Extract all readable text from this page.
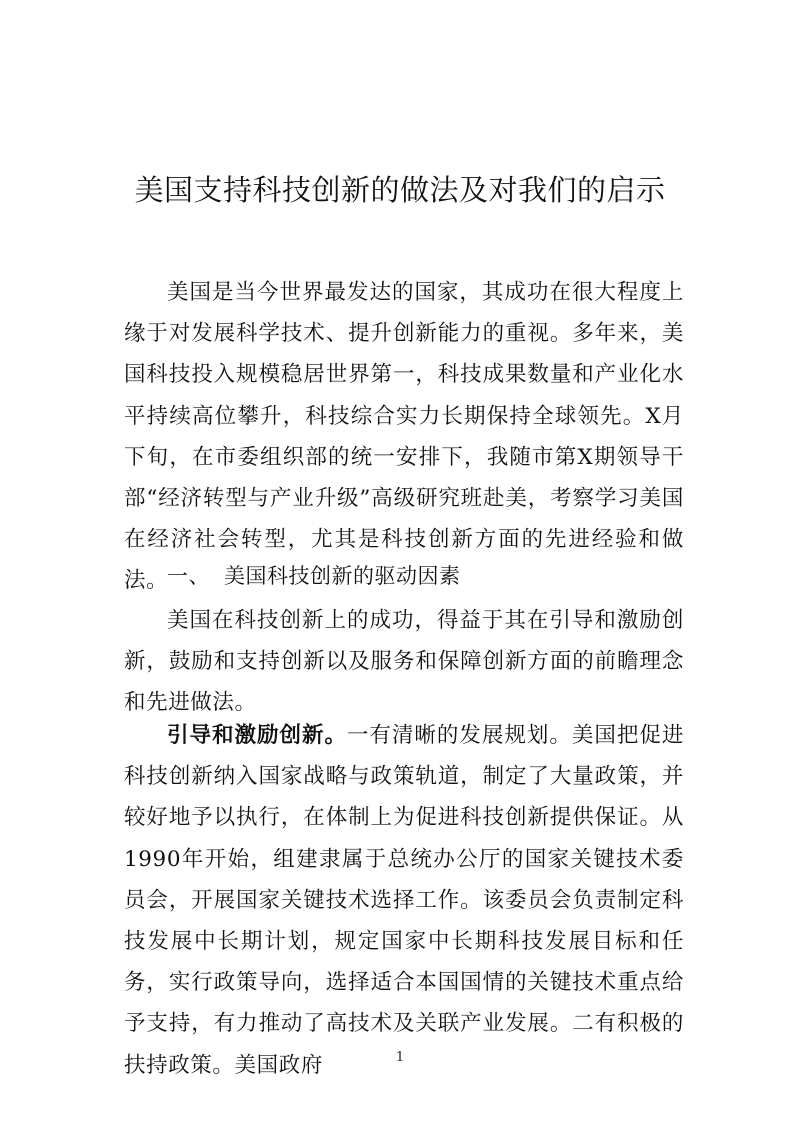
美国支持科技创新的做法及对我们的启示

美国是当今世界最发达的国家，其成功在很大程度上缘于对发展科学技术、提升创新能力的重视。多年来，美国科技投入规模稳居世界第一，科技成果数量和产业化水平持续高位攀升，科技综合实力长期保持全球领先。X月下旬，在市委组织部的统一安排下，我随市第X期领导干部“经济转型与产业升级”高级研究班赴美，考察学习美国在经济社会转型，尤其是科技创新方面的先进经验和做法。

一、 美国科技创新的驱动因素

美国在科技创新上的成功，得益于其在引导和激励创新，鼓励和支持创新以及服务和保障创新方面的前瞻理念和先进做法。

引导和激励创新。一有清晰的发展规划。美国把促进科技创新纳入国家战略与政策轨道，制定了大量政策，并较好地予以执行，在体制上为促进科技创新提供保证。从 1990年开始，组建隶属于总统办公厅的国家关键技术委员会，开展国家关键技术选择工作。该委员会负责制定科技发展中长期计划，规定国家中长期科技发展目标和任务，实行政策导向，选择适合本国国情的关键技术重点给予支持，有力推动了高技术及关联产业发展。二有积极的扶持政策。美国政府	1
